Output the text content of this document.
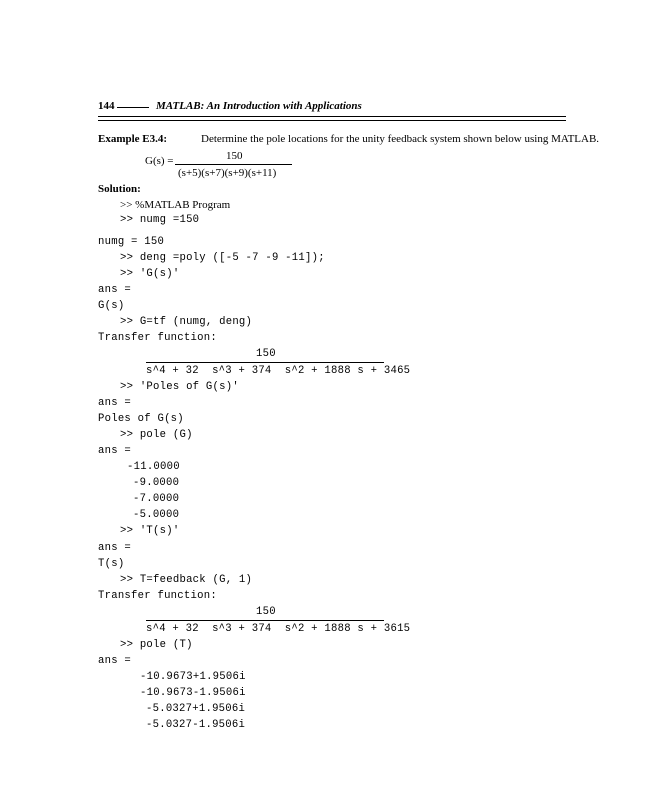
144	MATLAB: An Introduction with Applications
Example E3.4:	Determine the pole locations for the unity feedback system shown below using MATLAB.
G(s) =	150
(s+5)(s+7)(s+9)(s+11)
Solution:
>> %MATLAB Program
>> numg =150
numg = 150
>> deng =poly ([-5 -7 -9 -11]);
>> 'G(s)'
ans =
G(s)
>> G=tf (numg, deng)
Transfer function:
150
s^4 + 32  s^3 + 374  s^2 + 1888 s + 3465
>> 'Poles of G(s)'
ans =
Poles of G(s)
>> pole (G)
ans =
-11.0000
-9.0000
-7.0000
-5.0000
>> 'T(s)'
ans =
T(s)
>> T=feedback (G, 1)
Transfer function:
150
s^4 + 32  s^3 + 374  s^2 + 1888 s + 3615
>> pole (T)
ans =
-10.9673+1.9506i
-10.9673-1.9506i
-5.0327+1.9506i
-5.0327-1.9506i
